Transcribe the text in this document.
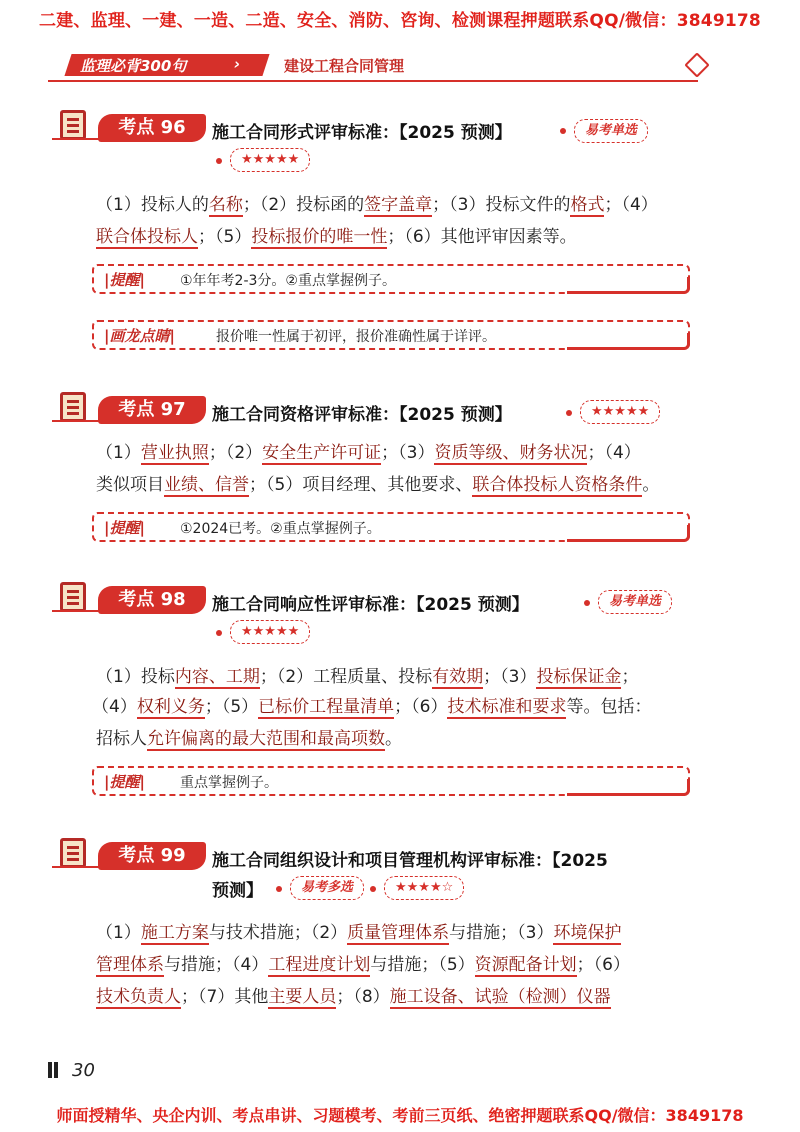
二建、监理、一建、一造、二造、安全、消防、咨询、检测课程押题联系QQ/微信：3849178
监理必背300句	›	建设工程合同管理
考点 96	施工合同形式评审标准：【2025 预测】	易考单选
★★★★★
（1）投标人的名称；（2）投标函的签字盖章；（3）投标文件的格式；（4）
联合体投标人；（5）投标报价的唯一性；（6）其他评审因素等。
|提醒|	①年年考2-3分。②重点掌握例子。
|画龙点睛|	报价唯一性属于初评，报价准确性属于详评。
考点 97	施工合同资格评审标准：【2025 预测】	★★★★★
（1）营业执照；（2）安全生产许可证；（3）资质等级、财务状况；（4）
类似项目业绩、信誉；（5）项目经理、其他要求、联合体投标人资格条件。
|提醒|	①2024已考。②重点掌握例子。
考点 98	施工合同响应性评审标准：【2025 预测】	易考单选
★★★★★
（1）投标内容、工期；（2）工程质量、投标有效期；（3）投标保证金；
（4）权利义务；（5）已标价工程量清单；（6）技术标准和要求等。包括：
招标人允许偏离的最大范围和最高项数。
|提醒|	重点掌握例子。
考点 99	施工合同组织设计和项目管理机构评审标准：【2025
预测】	易考多选	★★★★☆
（1）施工方案与技术措施；（2）质量管理体系与措施；（3）环境保护
管理体系与措施；（4）工程进度计划与措施；（5）资源配备计划；（6）
技术负责人；（7）其他主要人员；（8）施工设备、试验（检测）仪器
30
师面授精华、央企内训、考点串讲、习题模考、考前三页纸、绝密押题联系QQ/微信：3849178
